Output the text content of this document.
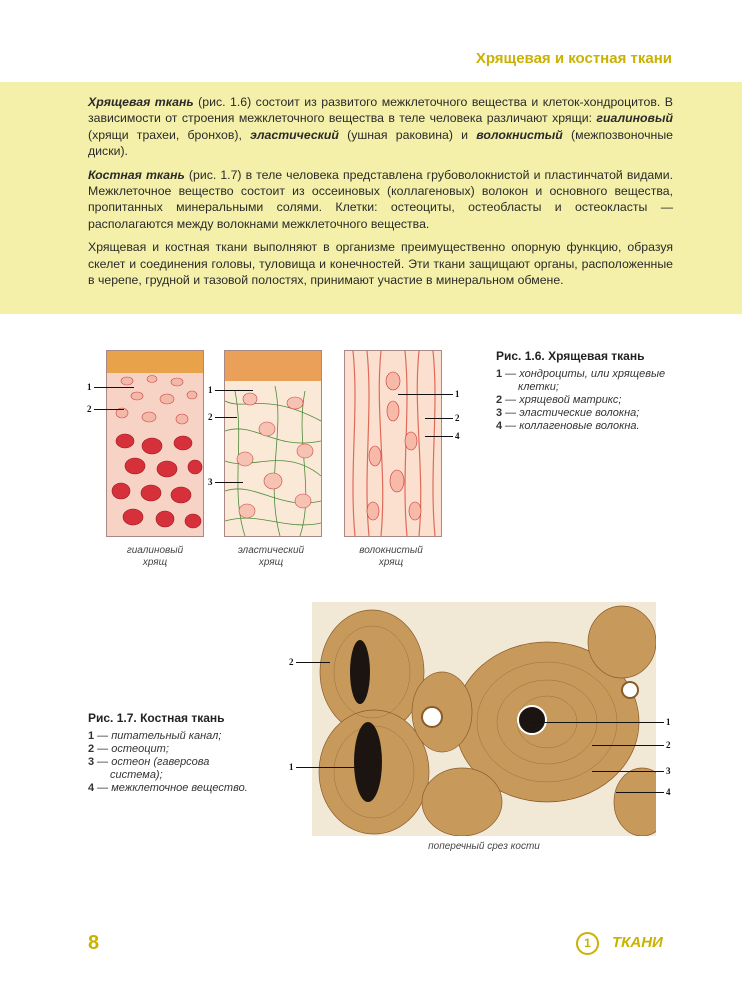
Хрящевая и костная ткани

Хрящевая ткань (рис. 1.6) состоит из развитого межклеточного вещества и клеток-хондроцитов. В зависимости от строения межклеточного вещества в теле человека различают хрящи: гиалиновый (хрящи трахеи, бронхов), эластический (ушная раковина) и волокнистый (межпозвоночные диски).

Костная ткань (рис. 1.7) в теле человека представлена грубоволокнистой и пластинчатой видами. Межклеточное вещество состоит из оссеиновых (коллагеновых) волокон и основного вещества, пропитанных минеральными солями. Клетки: остеоциты, остеобласты и остеокласты — располагаются между волокнами межклеточного вещества.

Хрящевая и костная ткани выполняют в организме преимущественно опорную функцию, образуя скелет и соединения головы, туловища и конечностей. Эти ткани защищают органы, расположенные в черепе, грудной и тазовой полостях, принимают участие в минеральном обмене.

гиалиновый
хрящ
эластический
хрящ
волокнистый
хрящ
1
2
1
2
3
1
2
4
Рис. 1.6. Хрящевая ткань
1 — хондроциты, или хрящевые клетки;
2 — хрящевой матрикс;
3 — эластические волокна;
4 — коллагеновые волокна.
поперечный срез кости
2
1
1
2
3
4
Рис. 1.7. Костная ткань
1 — питательный канал;
2 — остеоцит;
3 — остеон (гаверсова система);
4 — межклеточное вещество.
8	1	ТКАНИ
